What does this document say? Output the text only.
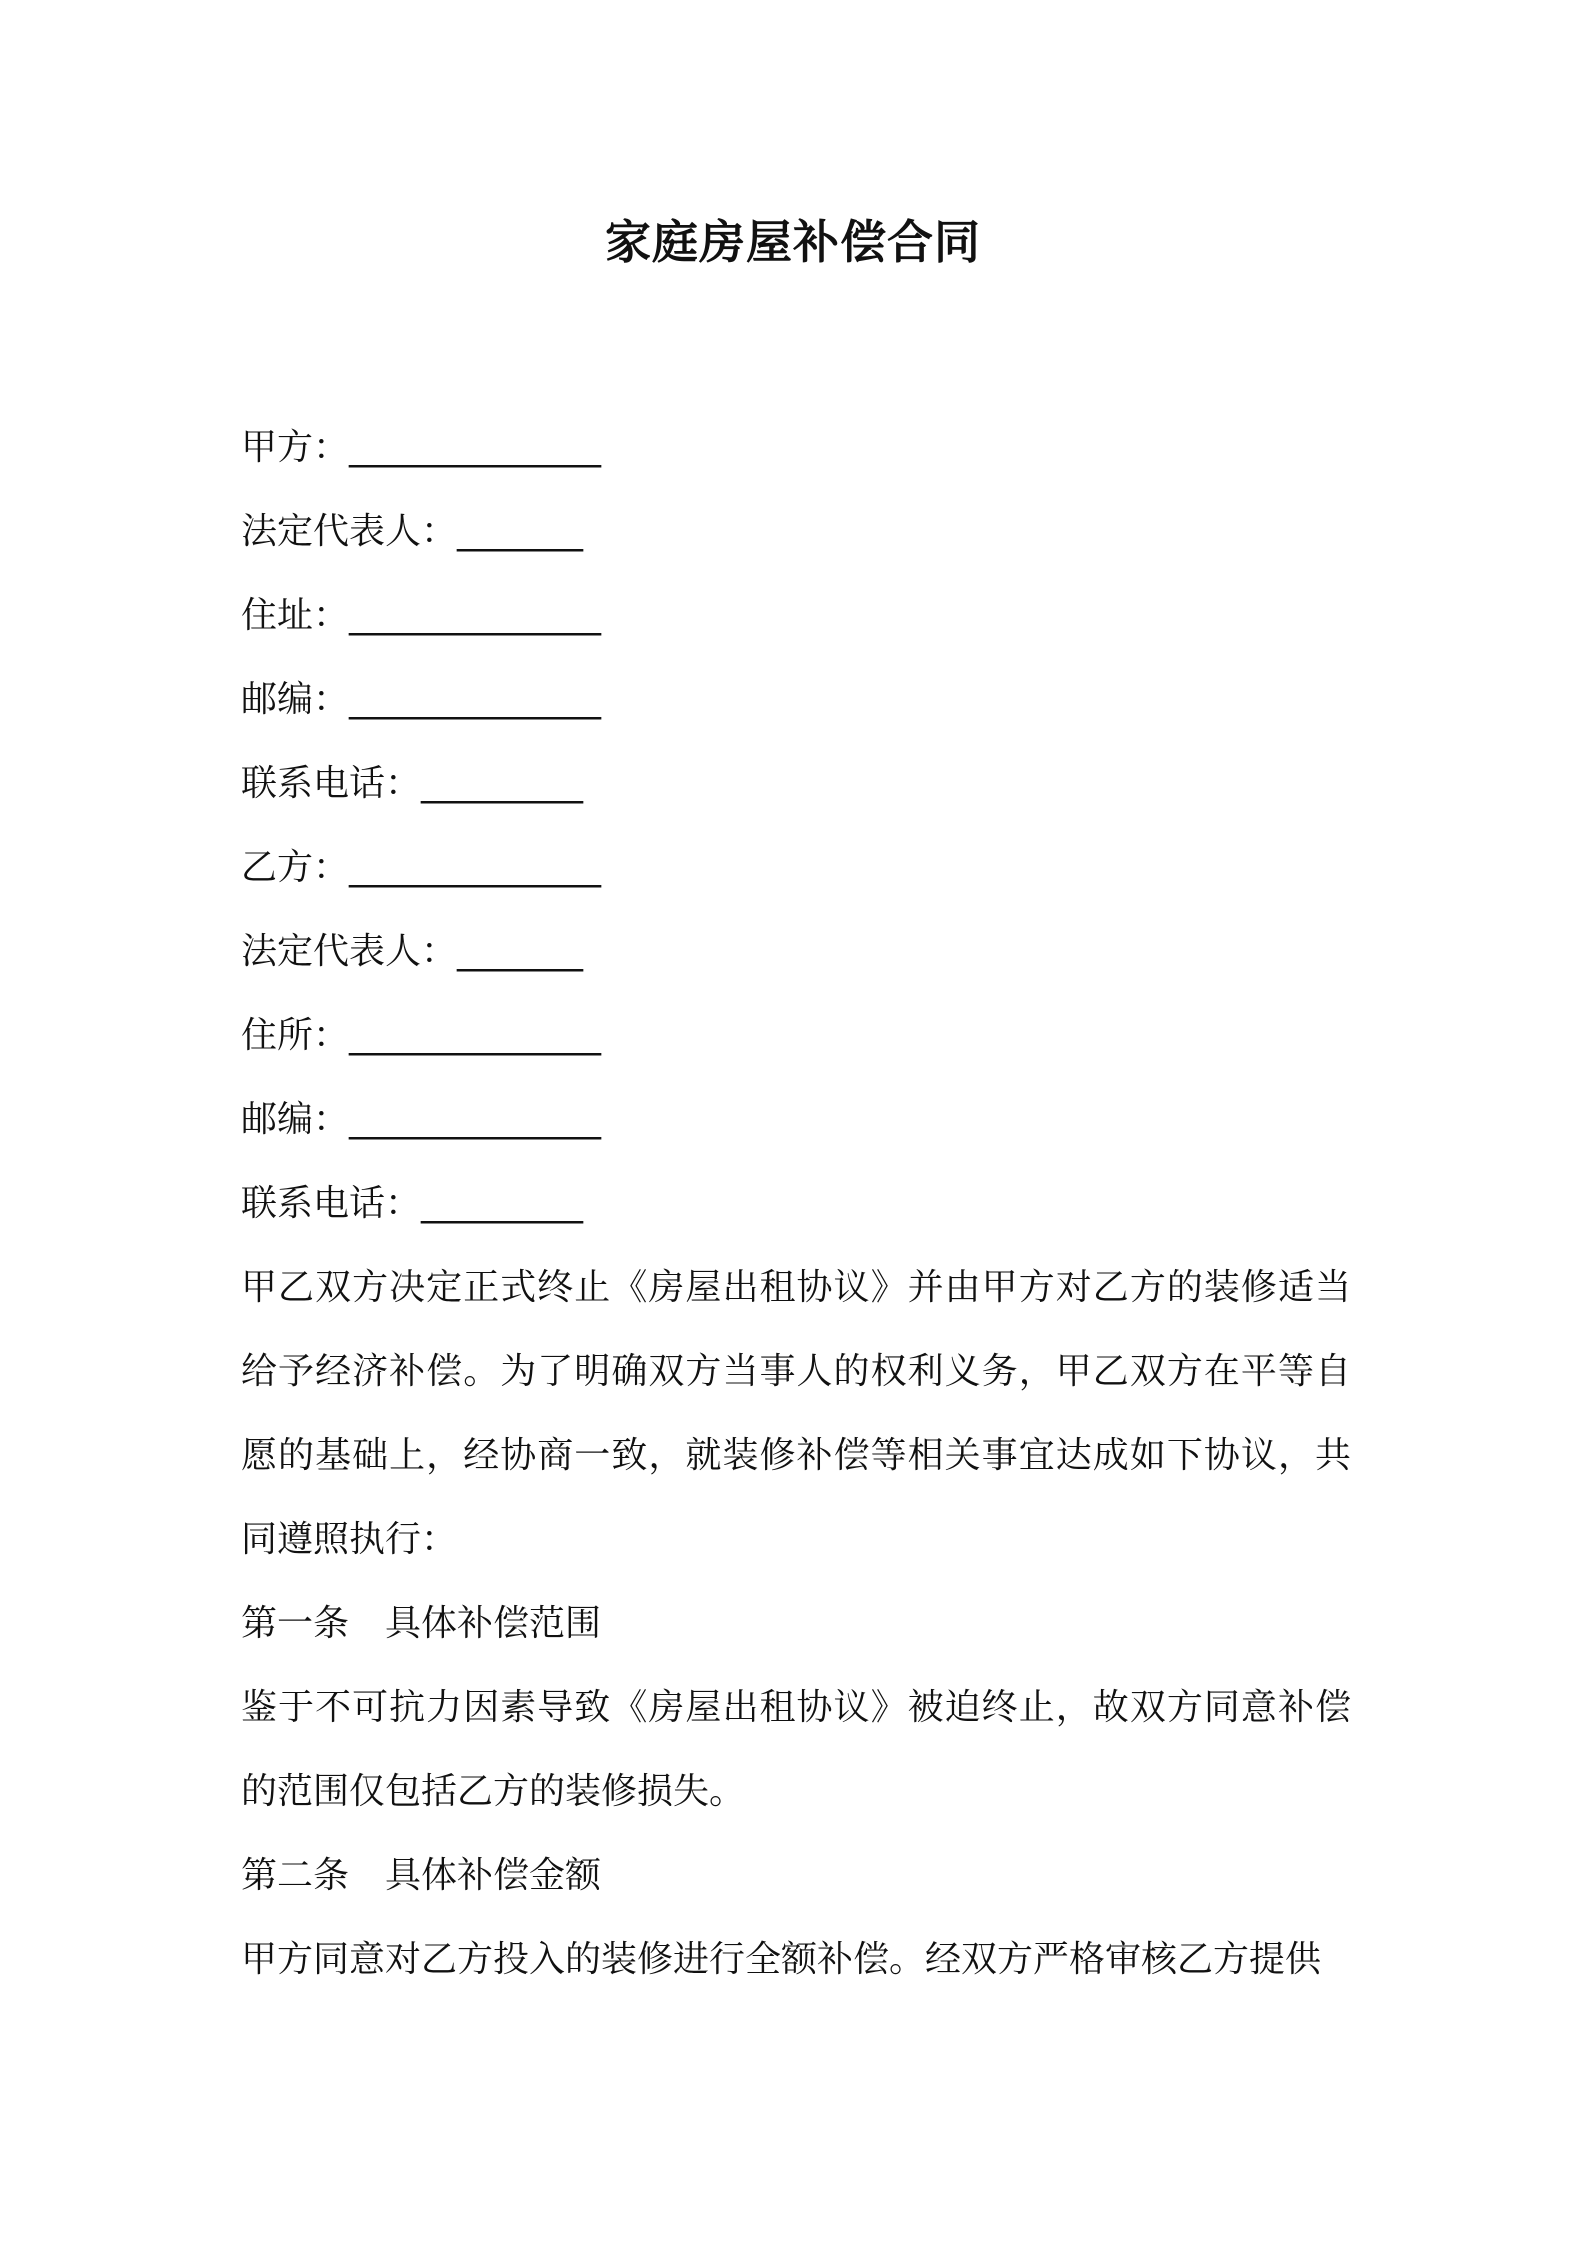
家庭房屋补偿合同
甲方：______________
法定代表人：_______
住址：______________
邮编：______________
联系电话：_________
乙方：______________
法定代表人：_______
住所：______________
邮编：______________
联系电话：_________

甲乙双方决定正式终止《房屋出租协议》并由甲方对乙方的装修适当给予经济补偿。为了明确双方当事人的权利义务，甲乙双方在平等自愿的基础上，经协商一致，就装修补偿等相关事宜达成如下协议，共同遵照执行：

第一条　具体补偿范围

鉴于不可抗力因素导致《房屋出租协议》被迫终止，故双方同意补偿的范围仅包括乙方的装修损失。

第二条　具体补偿金额

甲方同意对乙方投入的装修进行全额补偿。经双方严格审核乙方提供
